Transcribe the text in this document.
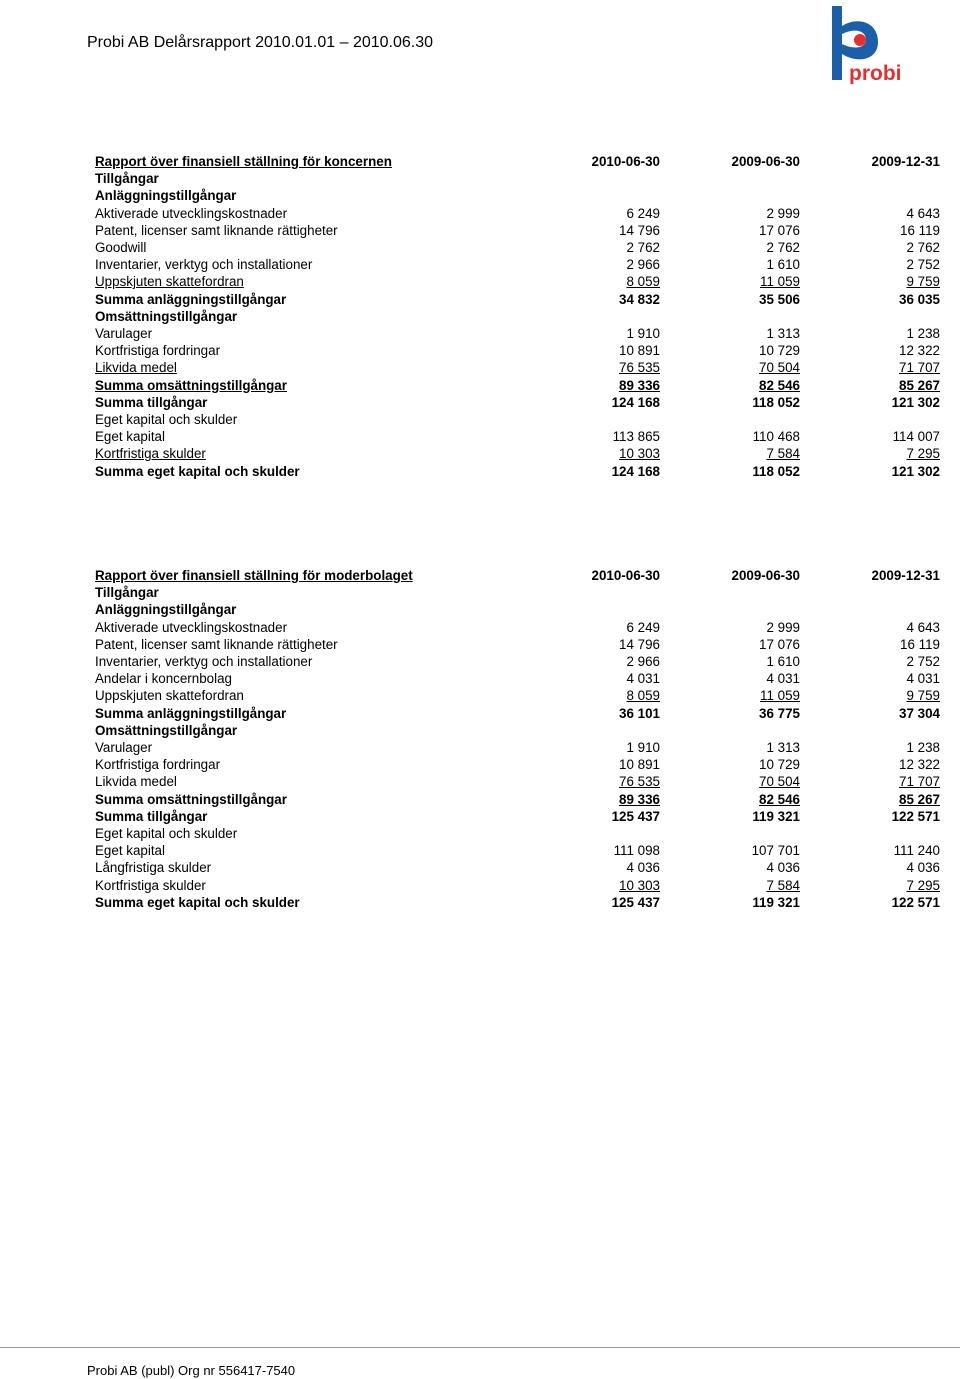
Probi AB Delårsrapport 2010.01.01 – 2010.06.30
probi
Rapport över finansiell ställning för koncernen	2010-06-30	2009-06-30	2009-12-31
Tillgångar			
Anläggningstillgångar			
Aktiverade utvecklingskostnader	6 249	2 999	4 643
Patent, licenser samt liknande rättigheter	14 796	17 076	16 119
Goodwill	2 762	2 762	2 762
Inventarier, verktyg och installationer	2 966	1 610	2 752
Uppskjuten skattefordran	8 059	11 059	9 759
Summa anläggningstillgångar	34 832	35 506	36 035
Omsättningstillgångar			
Varulager	1 910	1 313	1 238
Kortfristiga fordringar	10 891	10 729	12 322
Likvida medel	76 535	70 504	71 707
Summa omsättningstillgångar	89 336	82 546	85 267
Summa tillgångar	124 168	118 052	121 302
Eget kapital och skulder			
Eget kapital	113 865	110 468	114 007
Kortfristiga skulder	10 303	7 584	7 295
Summa eget kapital och skulder	124 168	118 052	121 302
Rapport över finansiell ställning för moderbolaget	2010-06-30	2009-06-30	2009-12-31
Tillgångar			
Anläggningstillgångar			
Aktiverade utvecklingskostnader	6 249	2 999	4 643
Patent, licenser samt liknande rättigheter	14 796	17 076	16 119
Inventarier, verktyg och installationer	2 966	1 610	2 752
Andelar i koncernbolag	4 031	4 031	4 031
Uppskjuten skattefordran	8 059	11 059	9 759
Summa anläggningstillgångar	36 101	36 775	37 304
Omsättningstillgångar			
Varulager	1 910	1 313	1 238
Kortfristiga fordringar	10 891	10 729	12 322
Likvida medel	76 535	70 504	71 707
Summa omsättningstillgångar	89 336	82 546	85 267
Summa tillgångar	125 437	119 321	122 571
Eget kapital och skulder			
Eget kapital	111 098	107 701	111 240
Långfristiga skulder	4 036	4 036	4 036
Kortfristiga skulder	10 303	7 584	7 295
Summa eget kapital och skulder	125 437	119 321	122 571
Probi AB (publ) Org nr 556417-7540
